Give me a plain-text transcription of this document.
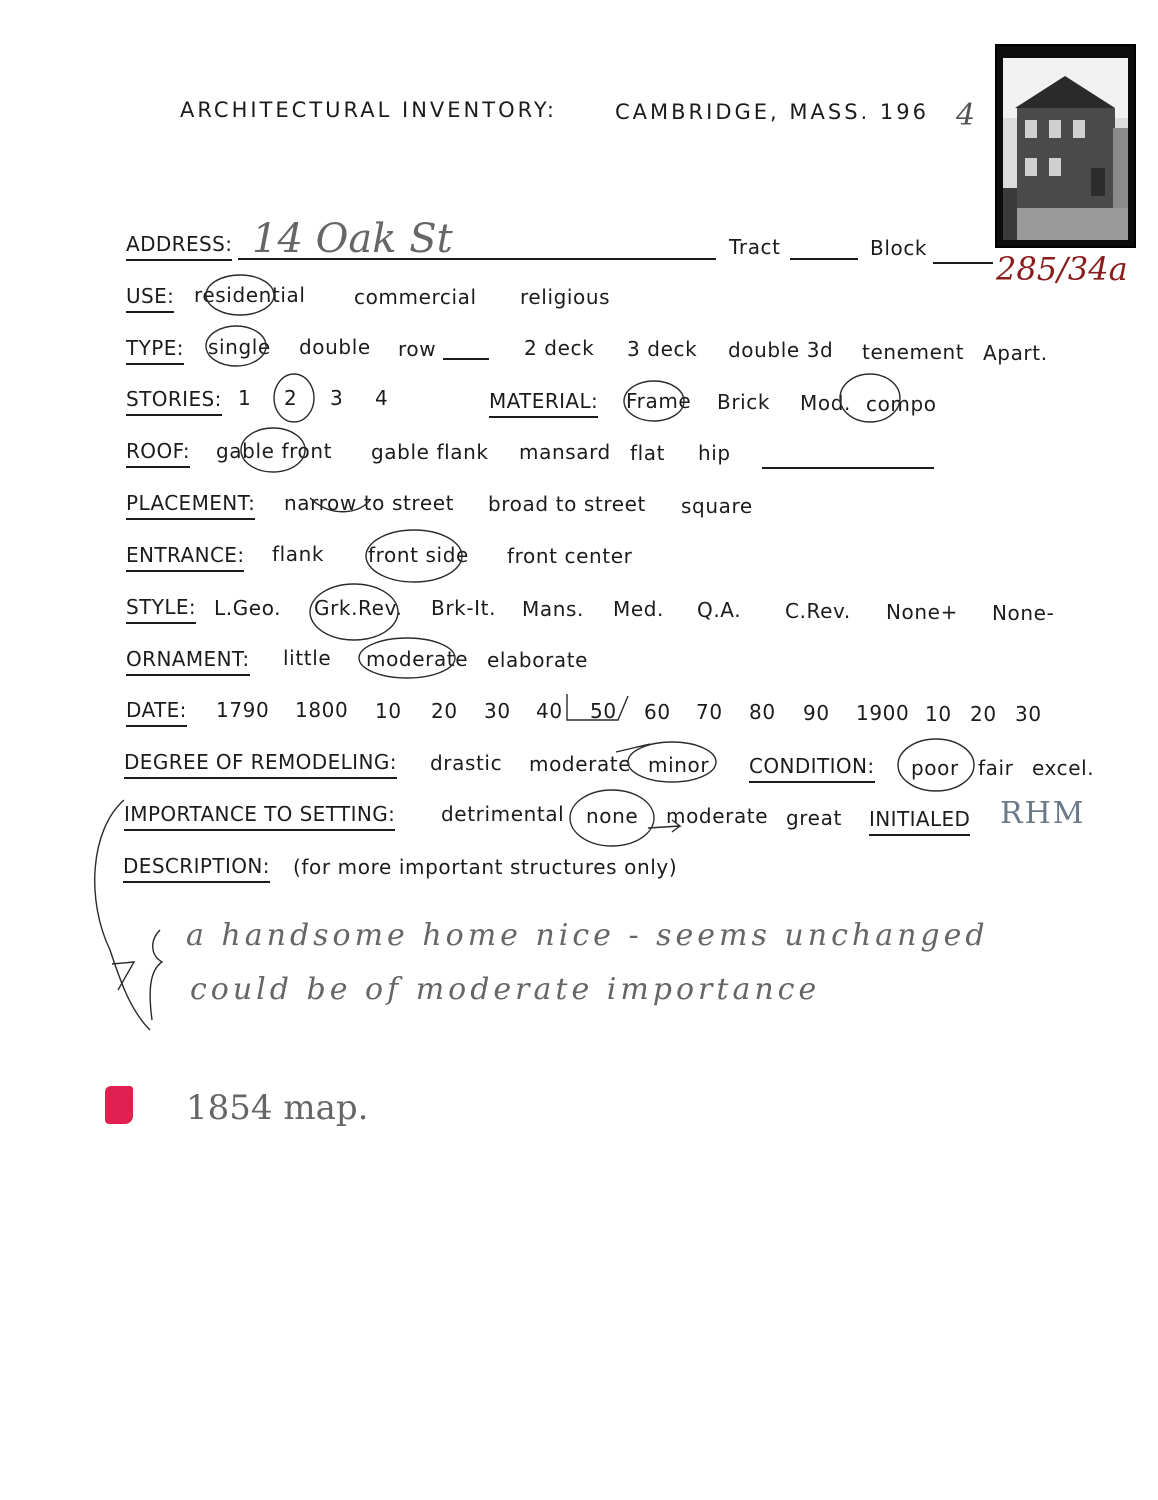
ARCHITECTURAL INVENTORY:	CAMBRIDGE, MASS. 196 4
ADDRESS: 14 Oak St	Tract	Block
285/34a
USE: residential commercial religious
TYPE: single double row	2 deck 3 deck double 3d tenement Apart.
STORIES: 1 2 3 4	MATERIAL: Frame Brick Mod. compo
ROOF: gable front gable flank mansard flat hip
PLACEMENT: narrow to street broad to street square
ENTRANCE: flank front side front center
STYLE: L.Geo. Grk.Rev. Brk-It. Mans. Med. Q.A. C.Rev. None+ None-
ORNAMENT: little moderate elaborate
DATE: 1790 1800 10 20 30 40 50 60 70 80 90 1900 10 20 30
DEGREE OF REMODELING: drastic moderate minor CONDITION: poor fair excel.
IMPORTANCE TO SETTING: detrimental none moderate great INITIALED RHM
DESCRIPTION: (for more important structures only)
a handsome home nice - seems unchanged
could be of moderate importance
1854 map.
